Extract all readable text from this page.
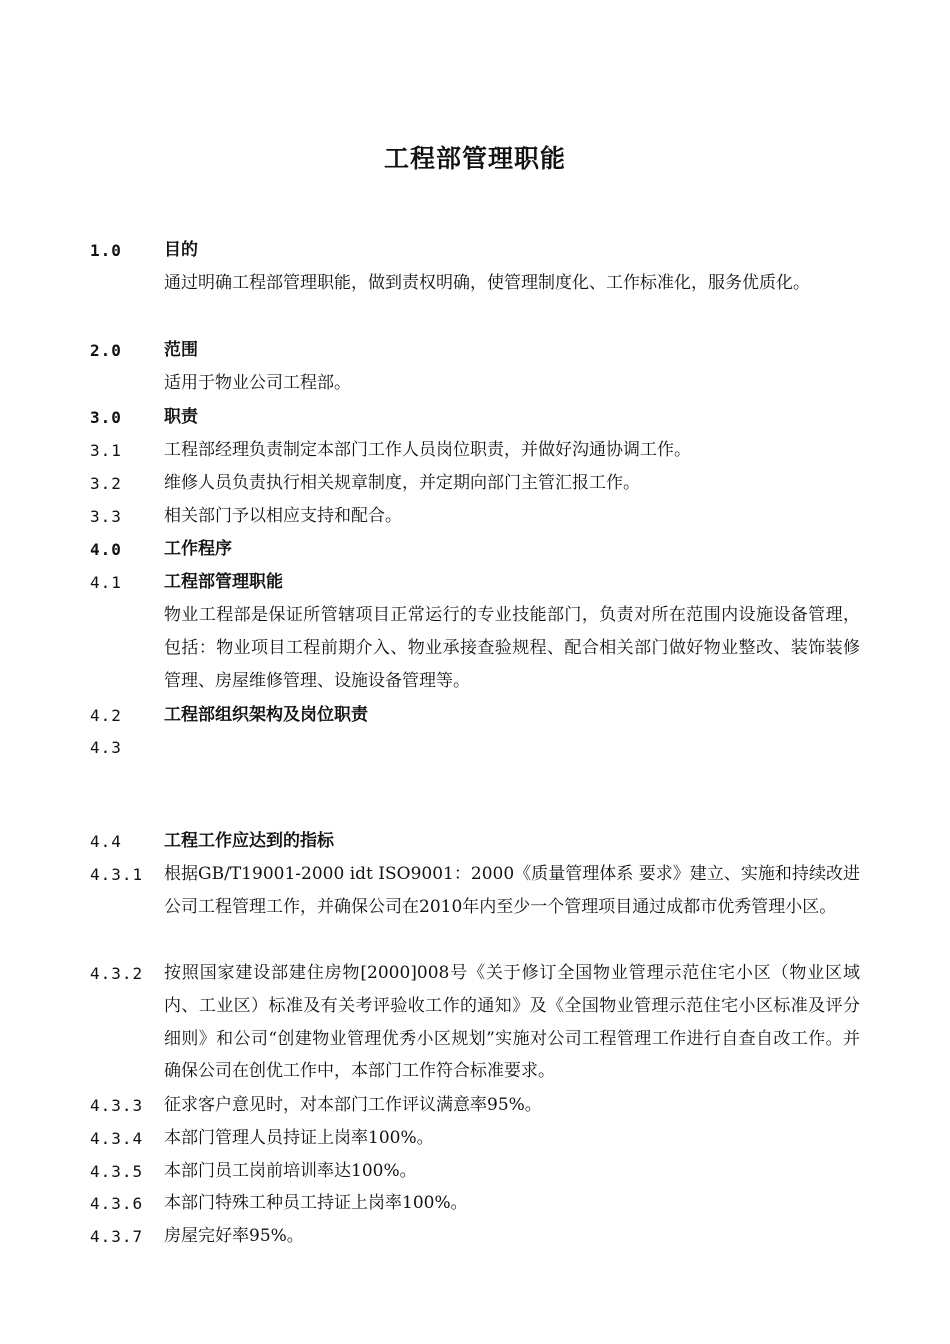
工程部管理职能
1.0	目的
通过明确工程部管理职能，做到责权明确，使管理制度化、工作标准化，服务优质化。
2.0	范围
适用于物业公司工程部。
3.0	职责
3.1	工程部经理负责制定本部门工作人员岗位职责，并做好沟通协调工作。
3.2	维修人员负责执行相关规章制度，并定期向部门主管汇报工作。
3.3	相关部门予以相应支持和配合。
4.0	工作程序
4.1	工程部管理职能
物业工程部是保证所管辖项目正常运行的专业技能部门，负责对所在范围内设施设备管理，包括：物业项目工程前期介入、物业承接查验规程、配合相关部门做好物业整改、装饰装修管理、房屋维修管理、设施设备管理等。
4.2	工程部组织架构及岗位职责
4.3
4.4	工程工作应达到的指标
4.3.1	根据GB/T19001-2000 idt ISO9001：2000《质量管理体系 要求》建立、实施和持续改进公司工程管理工作，并确保公司在2010年内至少一个管理项目通过成都市优秀管理小区。
4.3.2	按照国家建设部建住房物[2000]008号《关于修订全国物业管理示范住宅小区（物业区域内、工业区）标准及有关考评验收工作的通知》及《全国物业管理示范住宅小区标准及评分细则》和公司“创建物业管理优秀小区规划”实施对公司工程管理工作进行自查自改工作。并确保公司在创优工作中，本部门工作符合标准要求。
4.3.3	征求客户意见时，对本部门工作评议满意率95%。
4.3.4	本部门管理人员持证上岗率100%。
4.3.5	本部门员工岗前培训率达100%。
4.3.6	本部门特殊工种员工持证上岗率100%。
4.3.7	房屋完好率95%。
